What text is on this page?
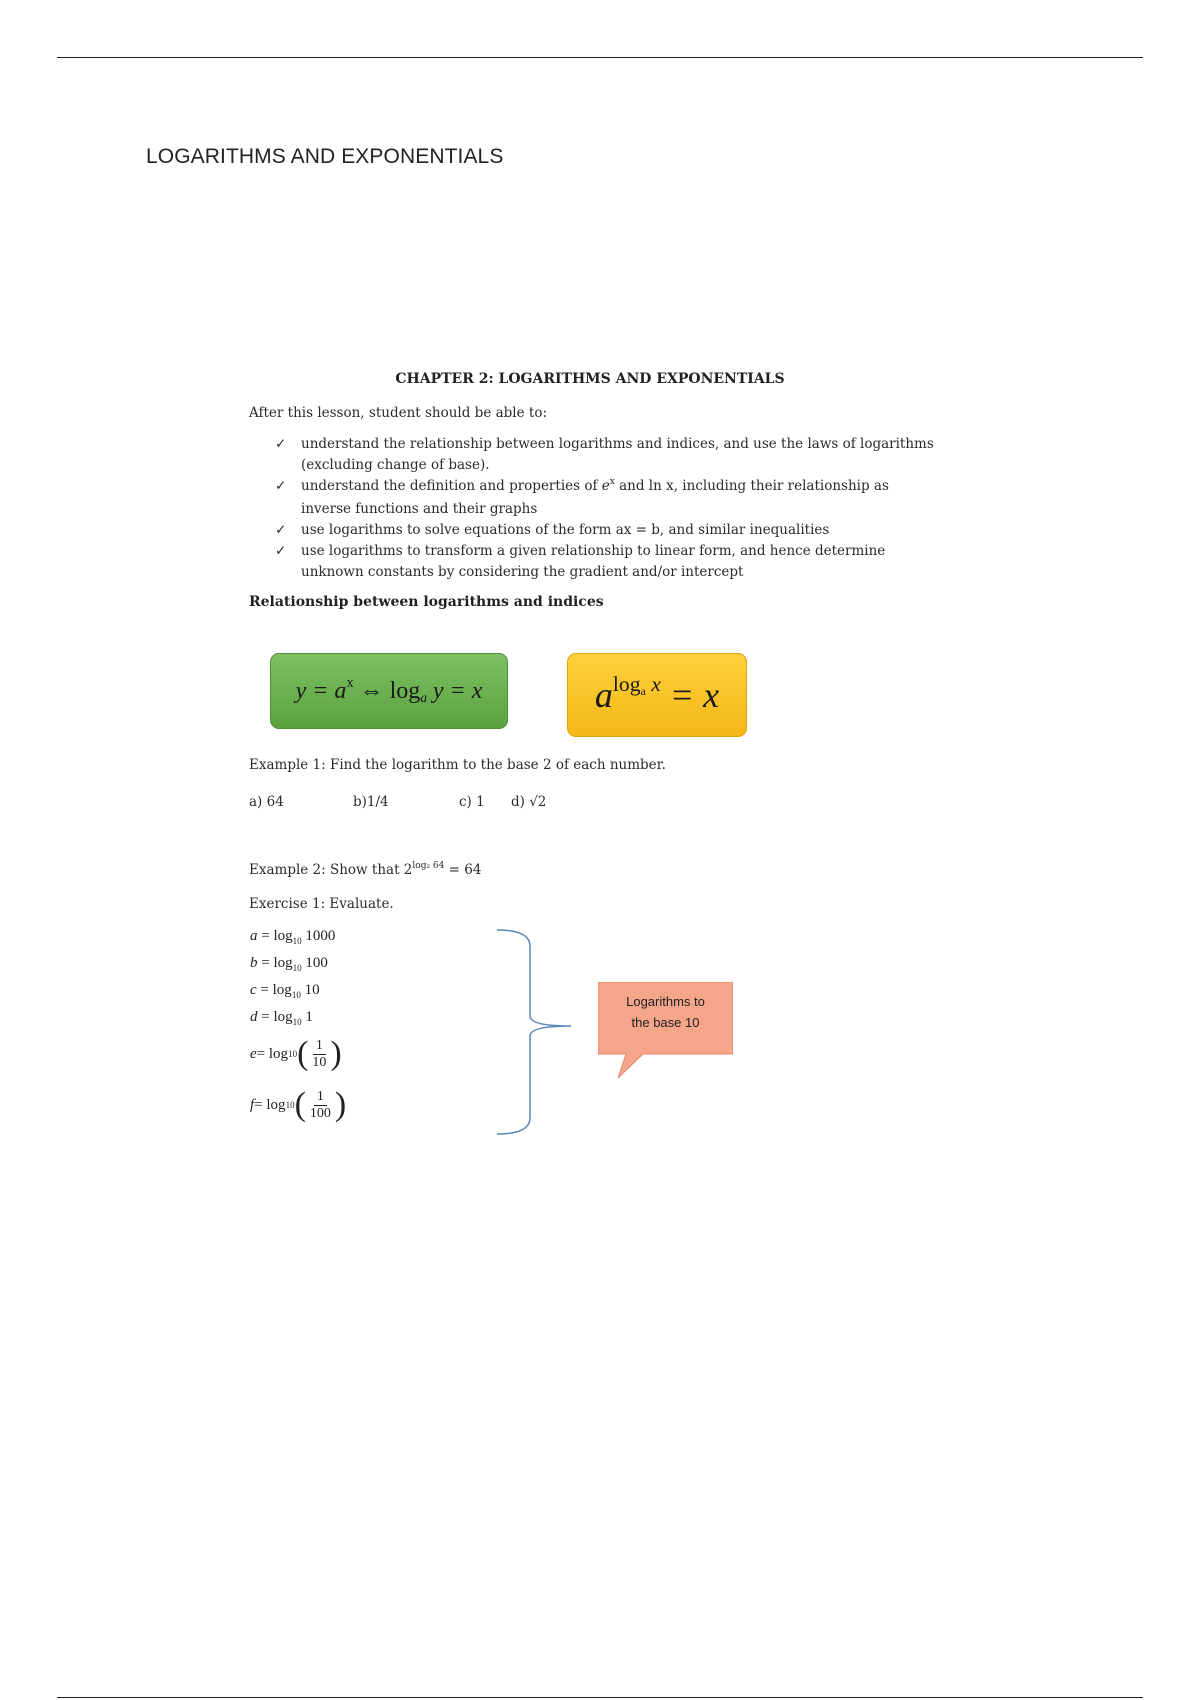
LOGARITHMS AND EXPONENTIALS
CHAPTER 2: LOGARITHMS AND EXPONENTIALS
After this lesson, student should be able to:
✓ understand the relationship between logarithms and indices, and use the laws of logarithms
(excluding change of base).
✓ understand the definition and properties of $e^x$ and ln x, including their relationship as
inverse functions and their graphs
✓ use logarithms to solve equations of the form ax = b, and similar inequalities
✓ use logarithms to transform a given relationship to linear form, and hence determine
unknown constants by considering the gradient and/or intercept
Relationship between logarithms and indices
$y = a^x$ ⇔ loga y = x	$a^{loga x} = x$
Example 1: Find the logarithm to the base 2 of each number.
a) 64	b)1/4	c) 1 d) √2
Example 2: Show that $2^{log_2 64} = 64$
Exercise 1: Evaluate.
$a = \log_{10} 1000$
$b = \log_{10} 100$
$c = \log_{10} 10$
$d = \log_{10} 1$
e = log 10 ( $\frac{1}{10}$ )
f = log 10 ( $\frac{1}{100}$ )
Logarithms to
the base 10
